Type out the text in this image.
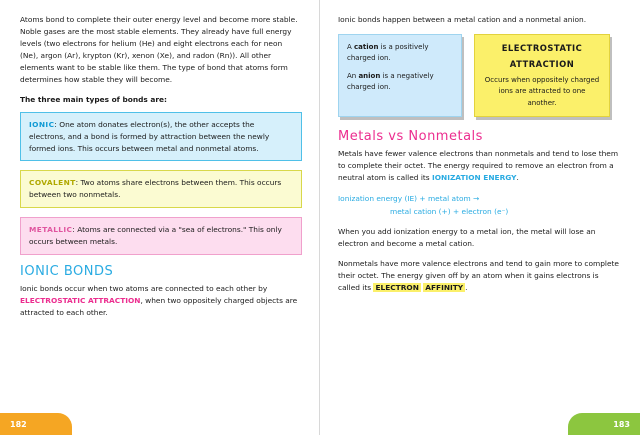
Atoms bond to complete their outer energy level and become more stable. Noble gases are the most stable elements. They already have full energy levels (two electrons for helium (He) and eight electrons each for neon (Ne), argon (Ar), krypton (Kr), xenon (Xe), and radon (Rn)). All other elements want to be stable like them. The type of bond that atoms form determines how stable they will become.

The three main types of bonds are:

IONIC: One atom donates electron(s), the other accepts the electrons, and a bond is formed by attraction between the newly formed ions. This occurs between metal and nonmetal atoms.
COVALENT: Two atoms share electrons between them. This occurs between two nonmetals.
METALLIC: Atoms are connected via a "sea of electrons." This only occurs between metals.
IONIC BONDS

Ionic bonds occur when two atoms are connected to each other by ELECTROSTATIC ATTRACTION, when two oppositely charged objects are attracted to each other.

182

Ionic bonds happen between a metal cation and a nonmetal anion.

A cation is a positively charged ion.

An anion is a negatively charged ion.

ELECTROSTATIC
ATTRACTION

Occurs when oppositely charged ions are attracted to one another.

Metals vs Nonmetals

Metals have fewer valence electrons than nonmetals and tend to lose them to complete their octet. The energy required to remove an electron from a neutral atom is called its IONIZATION ENERGY.

Ionization energy (IE) + metal atom →
metal cation (+) + electron (e⁻)

When you add ionization energy to a metal ion, the metal will lose an electron and become a metal cation.

Nonmetals have more valence electrons and tend to gain more to complete their octet. The energy given off by an atom when it gains electrons is called its ELECTRON AFFINITY .

183
